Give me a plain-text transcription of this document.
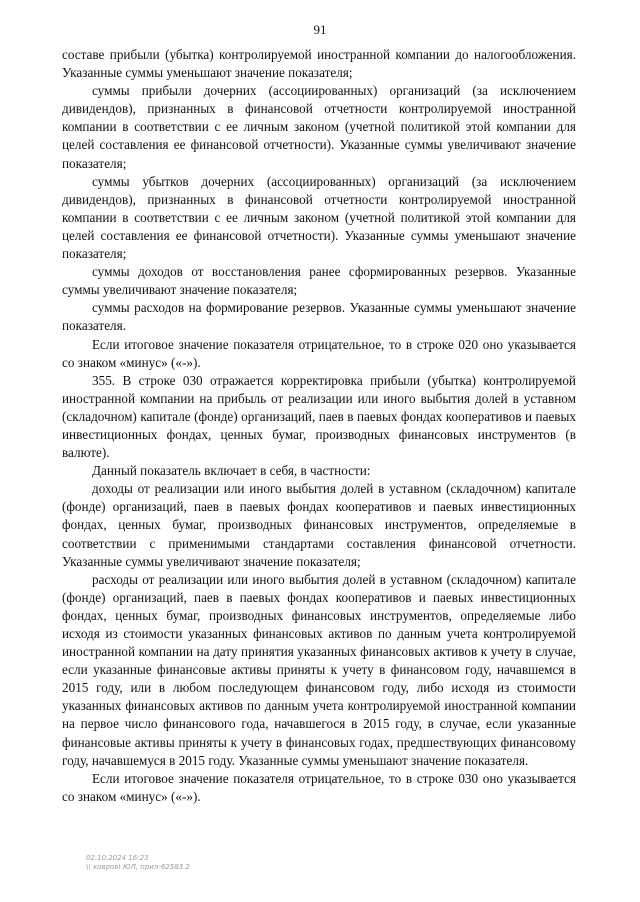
91

составе прибыли (убытка) контролируемой иностранной компании до налогообложения. Указанные суммы уменьшают значение показателя;

суммы прибыли дочерних (ассоциированных) организаций (за исключением дивидендов), признанных в финансовой отчетности контролируемой иностранной компании в соответствии с ее личным законом (учетной политикой этой компании для целей составления ее финансовой отчетности). Указанные суммы увеличивают значение показателя;

суммы убытков дочерних (ассоциированных) организаций (за исключением дивидендов), признанных в финансовой отчетности контролируемой иностранной компании в соответствии с ее личным законом (учетной политикой этой компании для целей составления ее финансовой отчетности). Указанные суммы уменьшают значение показателя;

суммы доходов от восстановления ранее сформированных резервов. Указанные суммы увеличивают значение показателя;

суммы расходов на формирование резервов. Указанные суммы уменьшают значение показателя.

Если итоговое значение показателя отрицательное, то в строке 020 оно указывается со знаком «минус» («-»).

355. В строке 030 отражается корректировка прибыли (убытка) контролируемой иностранной компании на прибыль от реализации или иного выбытия долей в уставном (складочном) капитале (фонде) организаций, паев в паевых фондах кооперативов и паевых инвестиционных фондах, ценных бумаг, производных финансовых инструментов (в валюте).

Данный показатель включает в себя, в частности:

доходы от реализации или иного выбытия долей в уставном (складочном) капитале (фонде) организаций, паев в паевых фондах кооперативов и паевых инвестиционных фондах, ценных бумаг, производных финансовых инструментов, определяемые в соответствии с применимыми стандартами составления финансовой отчетности. Указанные суммы увеличивают значение показателя;

расходы от реализации или иного выбытия долей в уставном (складочном) капитале (фонде) организаций, паев в паевых фондах кооперативов и паевых инвестиционных фондах, ценных бумаг, производных финансовых инструментов, определяемые либо исходя из стоимости указанных финансовых активов по данным учета контролируемой иностранной компании на дату принятия указанных финансовых активов к учету в случае, если указанные финансовые активы приняты к учету в финансовом году, начавшемся в 2015 году, или в любом последующем финансовом году, либо исходя из стоимости указанных финансовых активов по данным учета контролируемой иностранной компании на первое число финансового года, начавшегося в 2015 году, в случае, если указанные финансовые активы приняты к учету в финансовых годах, предшествующих финансовому году, начавшемуся в 2015 году. Указанные суммы уменьшают значение показателя.

Если итоговое значение показателя отрицательное, то в строке 030 оно указывается со знаком «минус» («-»).

02.10.2024 16:23
\\ ковров\ ЮЛ, прил-62583.2
